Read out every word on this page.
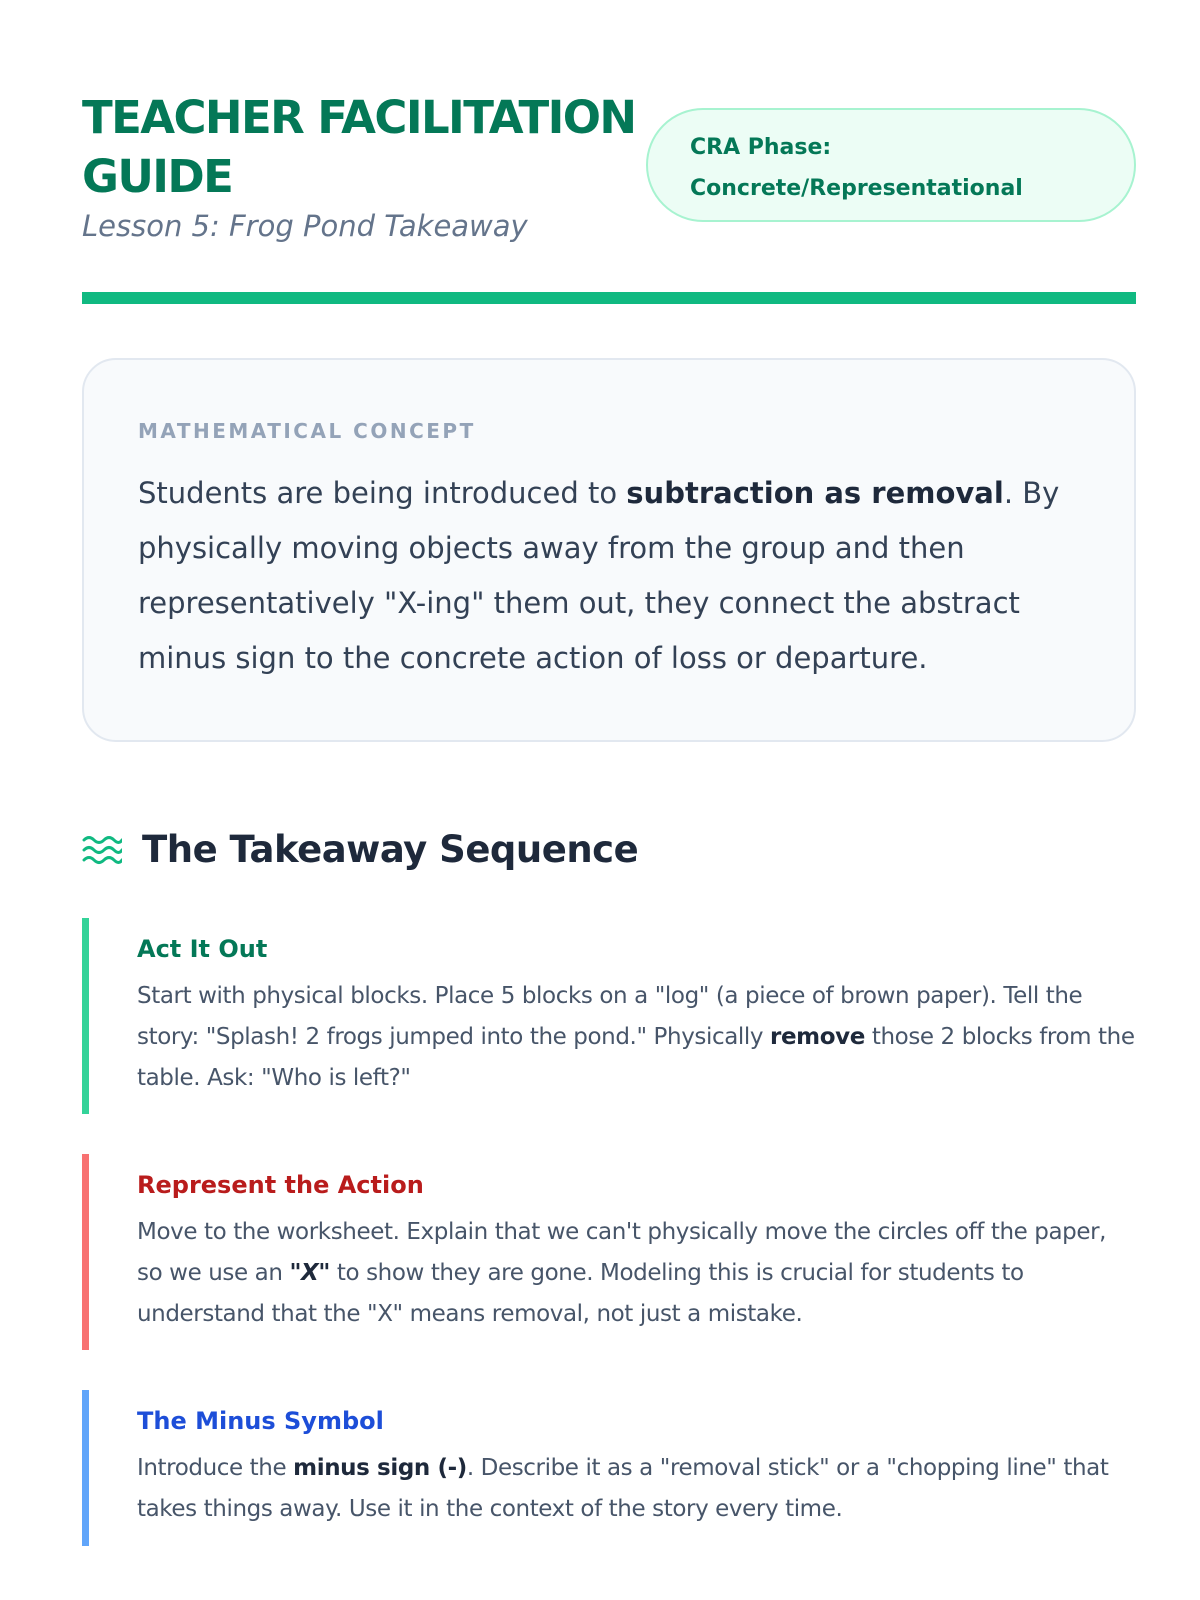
TEACHER FACILITATION GUIDE
Lesson 5: Frog Pond Takeaway
CRA Phase:
Concrete/Representational
MATHEMATICAL CONCEPT

Students are being introduced to subtraction as removal. By physically moving objects away from the group and then representatively "X-ing" them out, they connect the abstract minus sign to the concrete action of loss or departure.

The Takeaway Sequence
Act It Out

Start with physical blocks. Place 5 blocks on a "log" (a piece of brown paper). Tell the story: "Splash! 2 frogs jumped into the pond." Physically remove those 2 blocks from the table. Ask: "Who is left?"

Represent the Action

Move to the worksheet. Explain that we can't physically move the circles off the paper, so we use an "X" to show they are gone. Modeling this is crucial for students to understand that the "X" means removal, not just a mistake.

The Minus Symbol

Introduce the minus sign (-). Describe it as a "removal stick" or a "chopping line" that takes things away. Use it in the context of the story every time.
